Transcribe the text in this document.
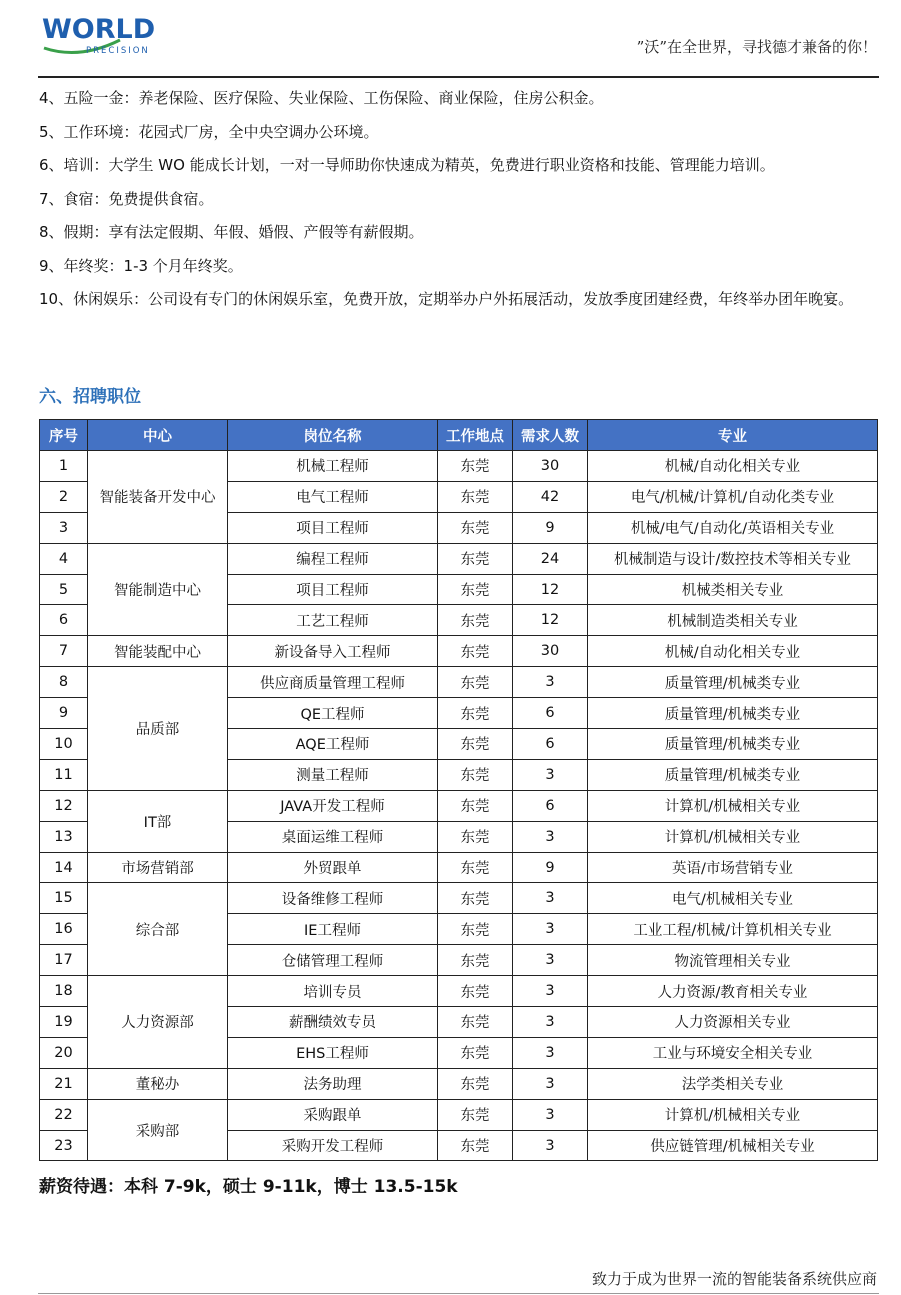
WORLD
PRECISION	”沃”在全世界，寻找德才兼备的你！

4、五险一金：养老保险、医疗保险、失业保险、工伤保险、商业保险，住房公积金。

5、工作环境：花园式厂房，全中央空调办公环境。

6、培训：大学生 WO 能成长计划，一对一导师助你快速成为精英，免费进行职业资格和技能、管理能力培训。

7、食宿：免费提供食宿。

8、假期：享有法定假期、年假、婚假、产假等有薪假期。

9、年终奖：1-3 个月年终奖。

10、休闲娱乐：公司设有专门的休闲娱乐室，免费开放，定期举办户外拓展活动，发放季度团建经费，年终举办团年晚宴。

六、招聘职位
序号	中心	岗位名称	工作地点	需求人数	专业
1	智能装备开发中心	机械工程师	东莞	30	机械/自动化相关专业
2		电气工程师	东莞	42	电气/机械/计算机/自动化类专业
3		项目工程师	东莞	9	机械/电气/自动化/英语相关专业
4	智能制造中心	编程工程师	东莞	24	机械制造与设计/数控技术等相关专业
5		项目工程师	东莞	12	机械类相关专业
6		工艺工程师	东莞	12	机械制造类相关专业
7	智能装配中心	新设备导入工程师	东莞	30	机械/自动化相关专业
8	品质部	供应商质量管理工程师	东莞	3	质量管理/机械类专业
9		QE工程师	东莞	6	质量管理/机械类专业
10		AQE工程师	东莞	6	质量管理/机械类专业
11		测量工程师	东莞	3	质量管理/机械类专业
12	IT部	JAVA开发工程师	东莞	6	计算机/机械相关专业
13		桌面运维工程师	东莞	3	计算机/机械相关专业
14	市场营销部	外贸跟单	东莞	9	英语/市场营销专业
15	综合部	设备维修工程师	东莞	3	电气/机械相关专业
16		IE工程师	东莞	3	工业工程/机械/计算机相关专业
17		仓储管理工程师	东莞	3	物流管理相关专业
18	人力资源部	培训专员	东莞	3	人力资源/教育相关专业
19		薪酬绩效专员	东莞	3	人力资源相关专业
20		EHS工程师	东莞	3	工业与环境安全相关专业
21	董秘办	法务助理	东莞	3	法学类相关专业
22	采购部	采购跟单	东莞	3	计算机/机械相关专业
23		采购开发工程师	东莞	3	供应链管理/机械相关专业
薪资待遇：本科 7-9k，硕士 9-11k，博士 13.5-15k
致力于成为世界一流的智能装备系统供应商
